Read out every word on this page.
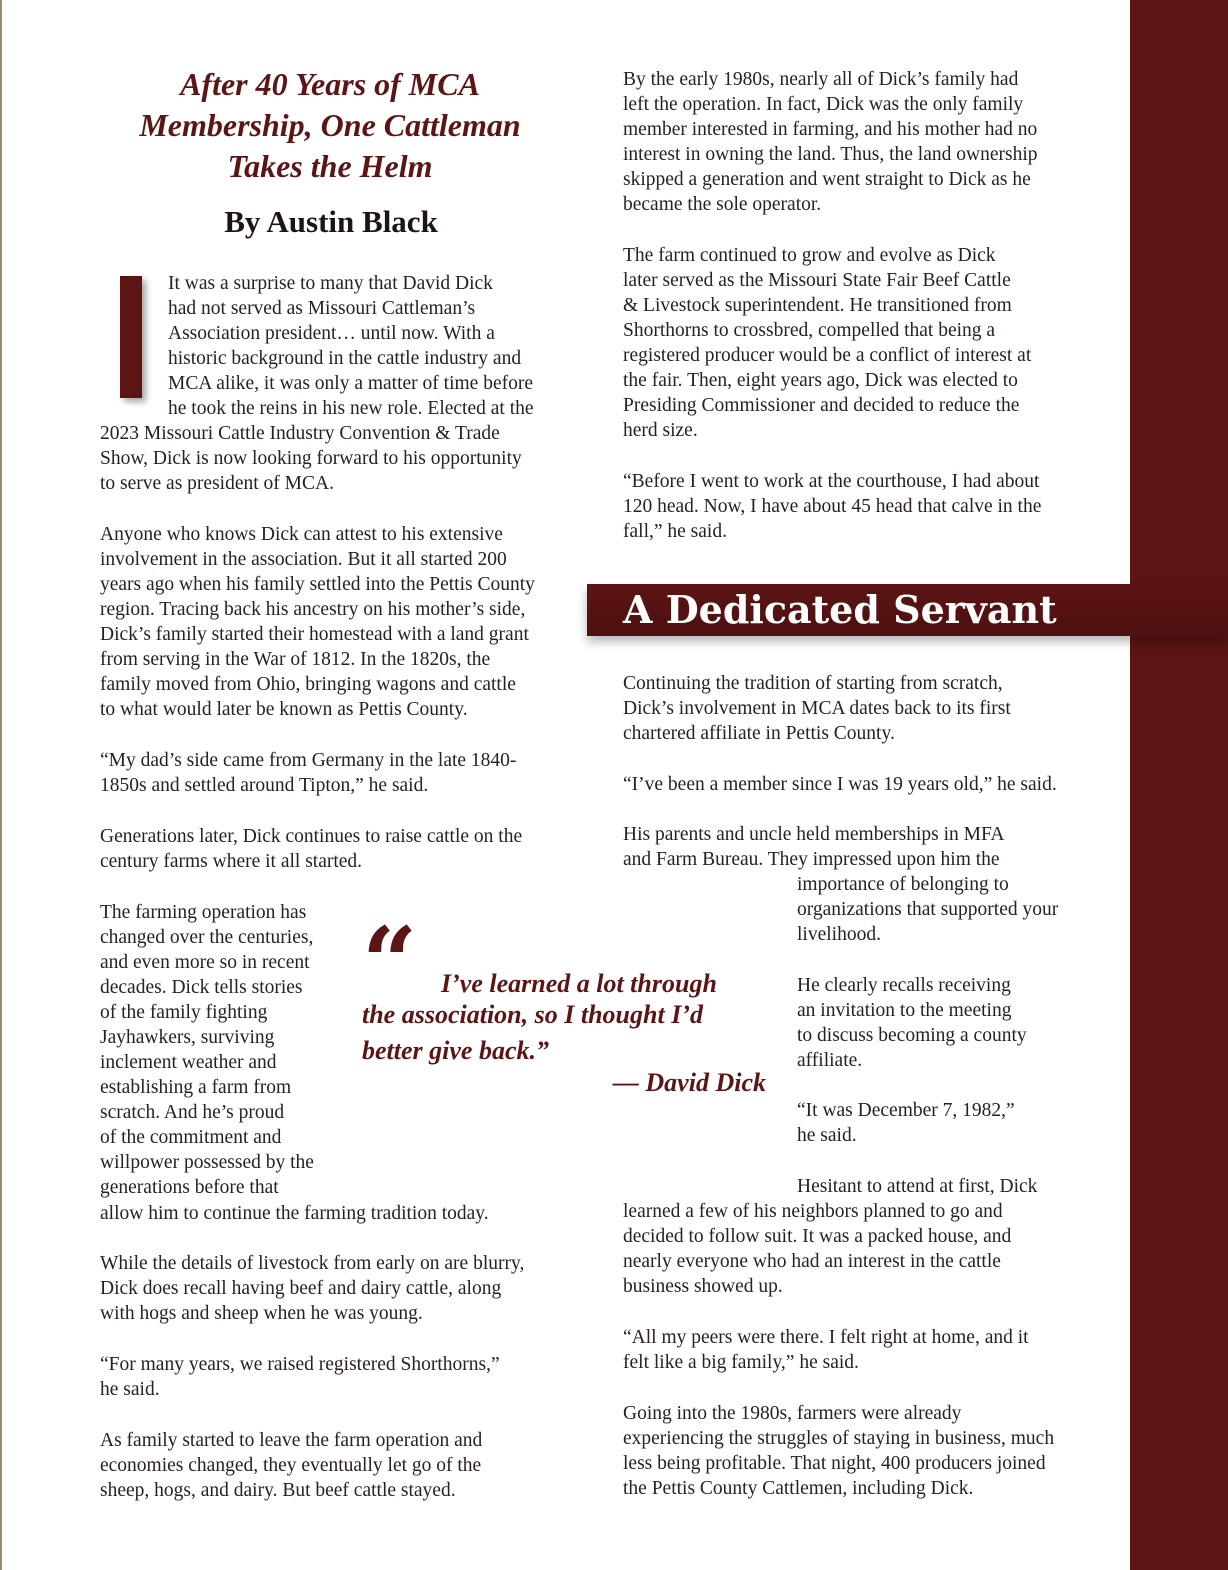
After 40 Years of MCA
Membership, One Cattleman
Takes the Helm
By Austin Black

It was a surprise to many that David Dick

had not served as Missouri Cattleman’s

Association president… until now. With a

historic background in the cattle industry and

MCA alike, it was only a matter of time before

he took the reins in his new role. Elected at the

2023 Missouri Cattle Industry Convention & Trade

Show, Dick is now looking forward to his opportunity

to serve as president of MCA.

Anyone who knows Dick can attest to his extensive

involvement in the association. But it all started 200

years ago when his family settled into the Pettis County

region. Tracing back his ancestry on his mother’s side,

Dick’s family started their homestead with a land grant

from serving in the War of 1812. In the 1820s, the

family moved from Ohio, bringing wagons and cattle

to what would later be known as Pettis County.

“My dad’s side came from Germany in the late 1840-

1850s and settled around Tipton,” he said.

Generations later, Dick continues to raise cattle on the

century farms where it all started.

The farming operation has

changed over the centuries,

and even more so in recent

decades. Dick tells stories

of the family fighting

Jayhawkers, surviving

inclement weather and

establishing a farm from

scratch. And he’s proud

of the commitment and

willpower possessed by the

generations before that

allow him to continue the farming tradition today.

While the details of livestock from early on are blurry,

Dick does recall having beef and dairy cattle, along

with hogs and sheep when he was young.

“For many years, we raised registered Shorthorns,”

he said.

As family started to leave the farm operation and

economies changed, they eventually let go of the

sheep, hogs, and dairy. But beef cattle stayed.

“ I’ve learned a lot through

the association, so I thought I’d

better give back.”

— David Dick

A Dedicated Servant

By the early 1980s, nearly all of Dick’s family had

left the operation. In fact, Dick was the only family

member interested in farming, and his mother had no

interest in owning the land. Thus, the land ownership

skipped a generation and went straight to Dick as he

became the sole operator.

The farm continued to grow and evolve as Dick

later served as the Missouri State Fair Beef Cattle

& Livestock superintendent. He transitioned from

Shorthorns to crossbred, compelled that being a

registered producer would be a conflict of interest at

the fair. Then, eight years ago, Dick was elected to

Presiding Commissioner and decided to reduce the

herd size.

“Before I went to work at the courthouse, I had about

120 head. Now, I have about 45 head that calve in the

fall,” he said.

Continuing the tradition of starting from scratch,

Dick’s involvement in MCA dates back to its first

chartered affiliate in Pettis County.

“I’ve been a member since I was 19 years old,” he said.

His parents and uncle held memberships in MFA

and Farm Bureau. They impressed upon him the

importance of belonging to

organizations that supported your

livelihood.

He clearly recalls receiving

an invitation to the meeting

to discuss becoming a county

affiliate.

“It was December 7, 1982,”

he said.

Hesitant to attend at first, Dick

learned a few of his neighbors planned to go and

decided to follow suit. It was a packed house, and

nearly everyone who had an interest in the cattle

business showed up.

“All my peers were there. I felt right at home, and it

felt like a big family,” he said.

Going into the 1980s, farmers were already

experiencing the struggles of staying in business, much

less being profitable. That night, 400 producers joined

the Pettis County Cattlemen, including Dick.
